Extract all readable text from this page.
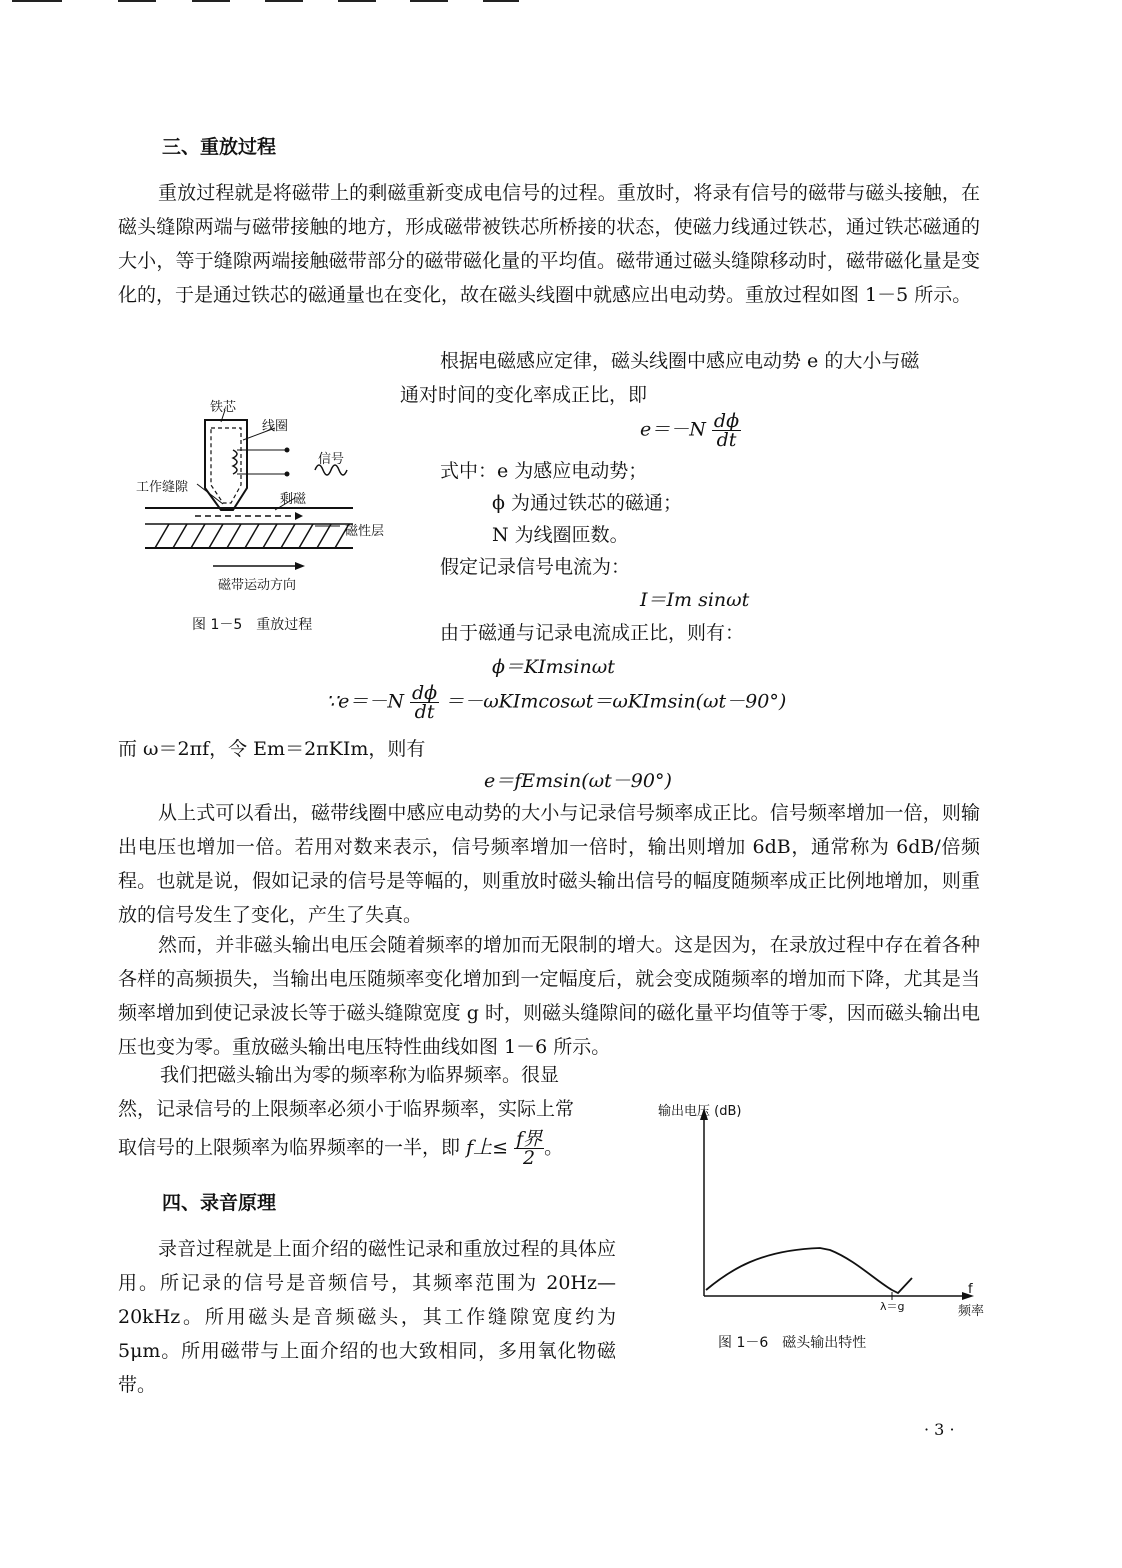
三、重放过程

重放过程就是将磁带上的剩磁重新变成电信号的过程。重放时，将录有信号的磁带与磁头接触，在磁头缝隙两端与磁带接触的地方，形成磁带被铁芯所桥接的状态，使磁力线通过铁芯，通过铁芯磁通的大小，等于缝隙两端接触磁带部分的磁带磁化量的平均值。磁带通过磁头缝隙移动时，磁带磁化量是变化的，于是通过铁芯的磁通量也在变化，故在磁头线圈中就感应出电动势。重放过程如图 1－5 所示。

根据电磁感应定律，磁头线圈中感应电动势 e 的大小与磁
通对时间的变化率成正比，即
$e=-N \frac{d\phi}{dt}$
式中：e 为感应电动势；
ϕ 为通过铁芯的磁通；
N 为线圈匝数。
假定记录信号电流为：
I＝Im sinωt
由于磁通与记录电流成正比，则有：
ϕ＝KImsinωt
铁芯
线圈
信号
工作缝隙
剩磁
磁性层
磁带运动方向
图 1－5　重放过程
∵e＝－N $\frac{d\phi}{dt} =-\omega KImcos\omega t=\omega KImsin(\omega t-90^\circ)$
而 ω＝2πf，令 Em＝2πKIm，则有
e＝fEmsin(ωt－90°)

从上式可以看出，磁带线圈中感应电动势的大小与记录信号频率成正比。信号频率增加一倍，则输出电压也增加一倍。若用对数来表示，信号频率增加一倍时，输出则增加 6dB，通常称为 6dB/倍频程。也就是说，假如记录的信号是等幅的，则重放时磁头输出信号的幅度随频率成正比例地增加，则重放的信号发生了变化，产生了失真。

然而，并非磁头输出电压会随着频率的增加而无限制的增大。这是因为，在录放过程中存在着各种各样的高频损失，当输出电压随频率变化增加到一定幅度后，就会变成随频率的增加而下降，尤其是当频率增加到使记录波长等于磁头缝隙宽度 g 时，则磁头缝隙间的磁化量平均值等于零，因而磁头输出电压也变为零。重放磁头输出电压特性曲线如图 1－6 所示。

我们把磁头输出为零的频率称为临界频率。很显
然，记录信号的上限频率必须小于临界频率，实际上常
取信号的上限频率为临界频率的一半，即 f上≤ $\frac{\text{f界}}{2}$ 。
四、录音原理

录音过程就是上面介绍的磁性记录和重放过程的具体应用。所记录的信号是音频信号，其频率范围为 20Hz—20kHz。所用磁头是音频磁头，其工作缝隙宽度约为 5μm。所用磁带与上面介绍的也大致相同，多用氧化物磁带。

输出电压 (dB)
f
频率
λ＝g
图 1－6　磁头输出特性
· 3 ·
